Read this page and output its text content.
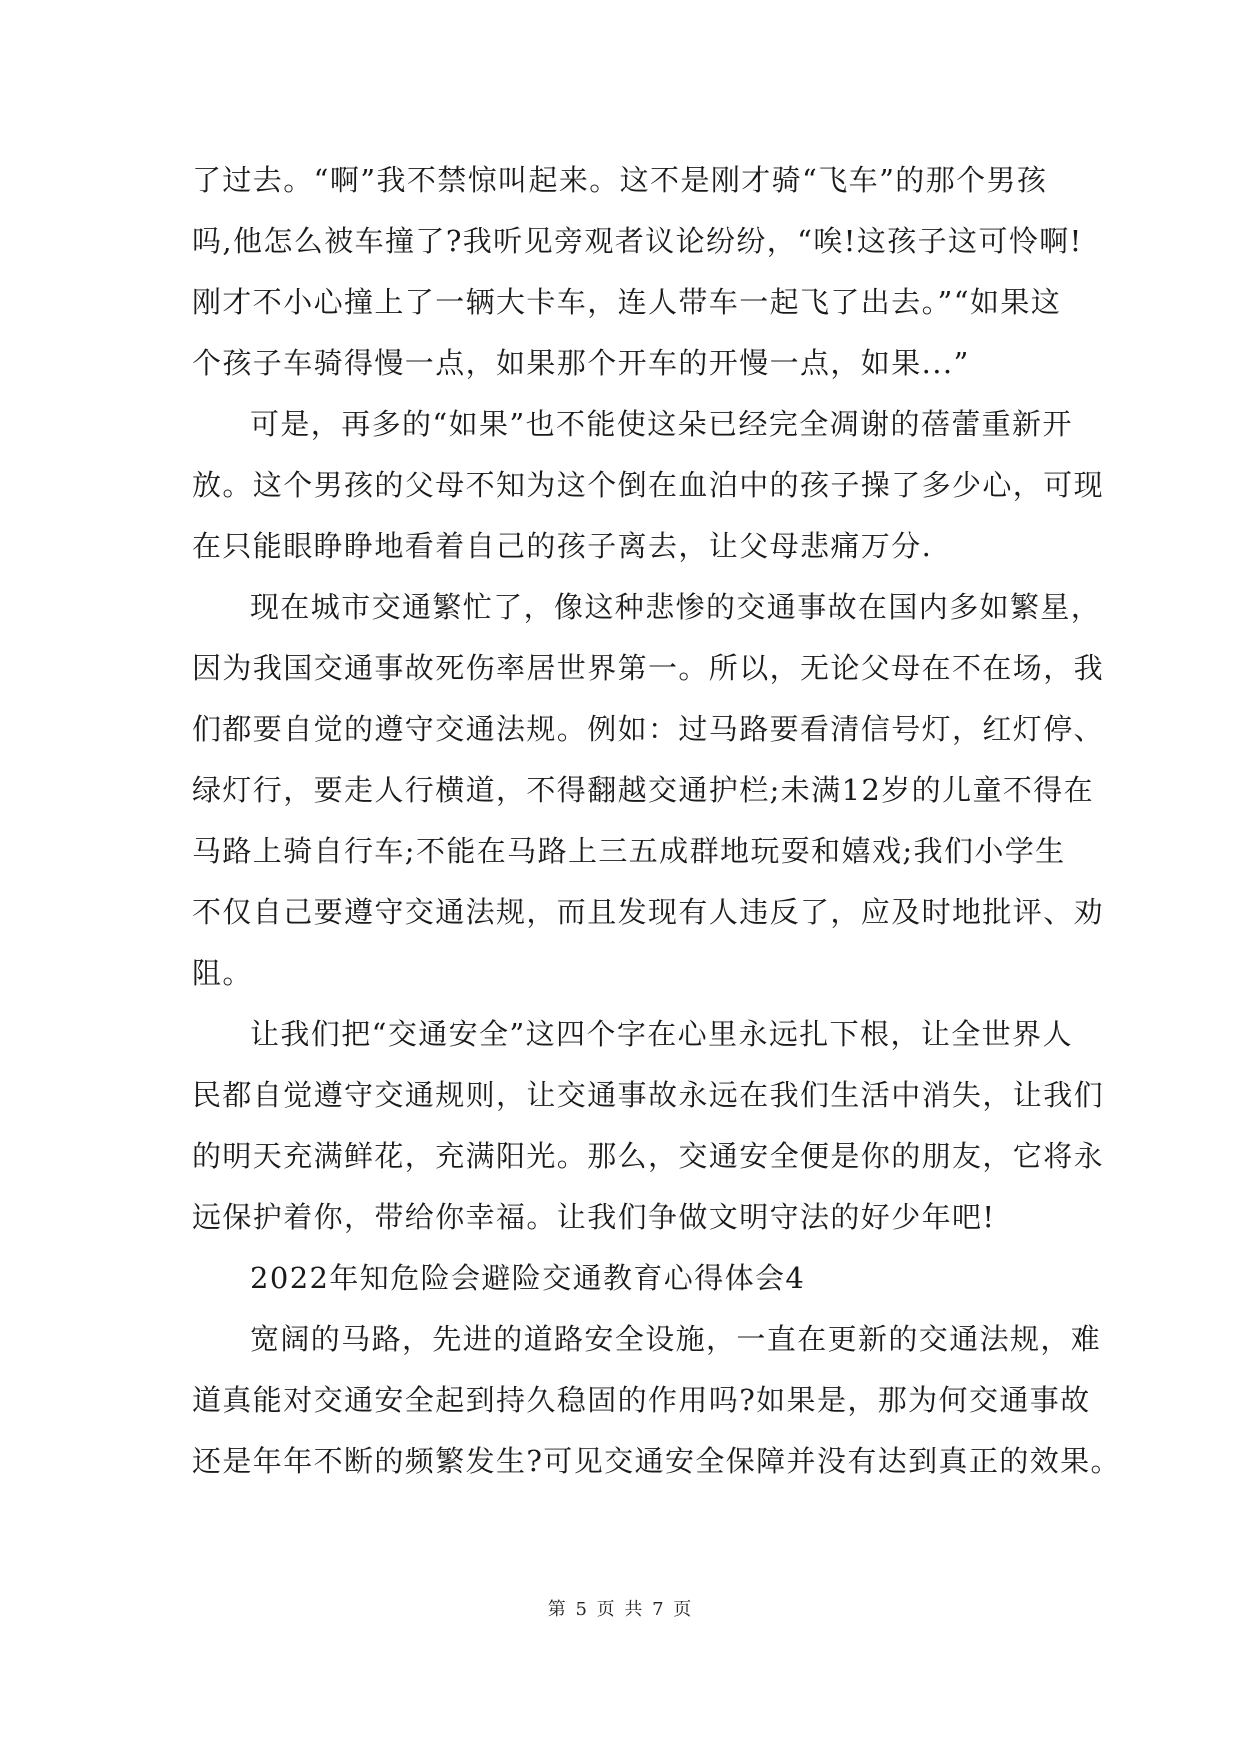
了过去。“啊”我不禁惊叫起来。这不是刚才骑“飞车”的那个男孩
吗,他怎么被车撞了?我听见旁观者议论纷纷，“唉!这孩子这可怜啊!
刚才不小心撞上了一辆大卡车，连人带车一起飞了出去。”“如果这
个孩子车骑得慢一点，如果那个开车的开慢一点，如果...”
可是，再多的“如果”也不能使这朵已经完全凋谢的蓓蕾重新开
放。这个男孩的父母不知为这个倒在血泊中的孩子操了多少心，可现
在只能眼睁睁地看着自己的孩子离去，让父母悲痛万分.
现在城市交通繁忙了，像这种悲惨的交通事故在国内多如繁星，
因为我国交通事故死伤率居世界第一。所以，无论父母在不在场，我
们都要自觉的遵守交通法规。例如：过马路要看清信号灯，红灯停、
绿灯行，要走人行横道，不得翻越交通护栏;未满12岁的儿童不得在
马路上骑自行车;不能在马路上三五成群地玩耍和嬉戏;我们小学生
不仅自己要遵守交通法规，而且发现有人违反了，应及时地批评、劝
阻。
让我们把“交通安全”这四个字在心里永远扎下根，让全世界人
民都自觉遵守交通规则，让交通事故永远在我们生活中消失，让我们
的明天充满鲜花，充满阳光。那么，交通安全便是你的朋友，它将永
远保护着你，带给你幸福。让我们争做文明守法的好少年吧!
2022年知危险会避险交通教育心得体会4
宽阔的马路，先进的道路安全设施，一直在更新的交通法规，难
道真能对交通安全起到持久稳固的作用吗?如果是，那为何交通事故
还是年年不断的频繁发生?可见交通安全保障并没有达到真正的效果。
第 5 页 共 7 页
